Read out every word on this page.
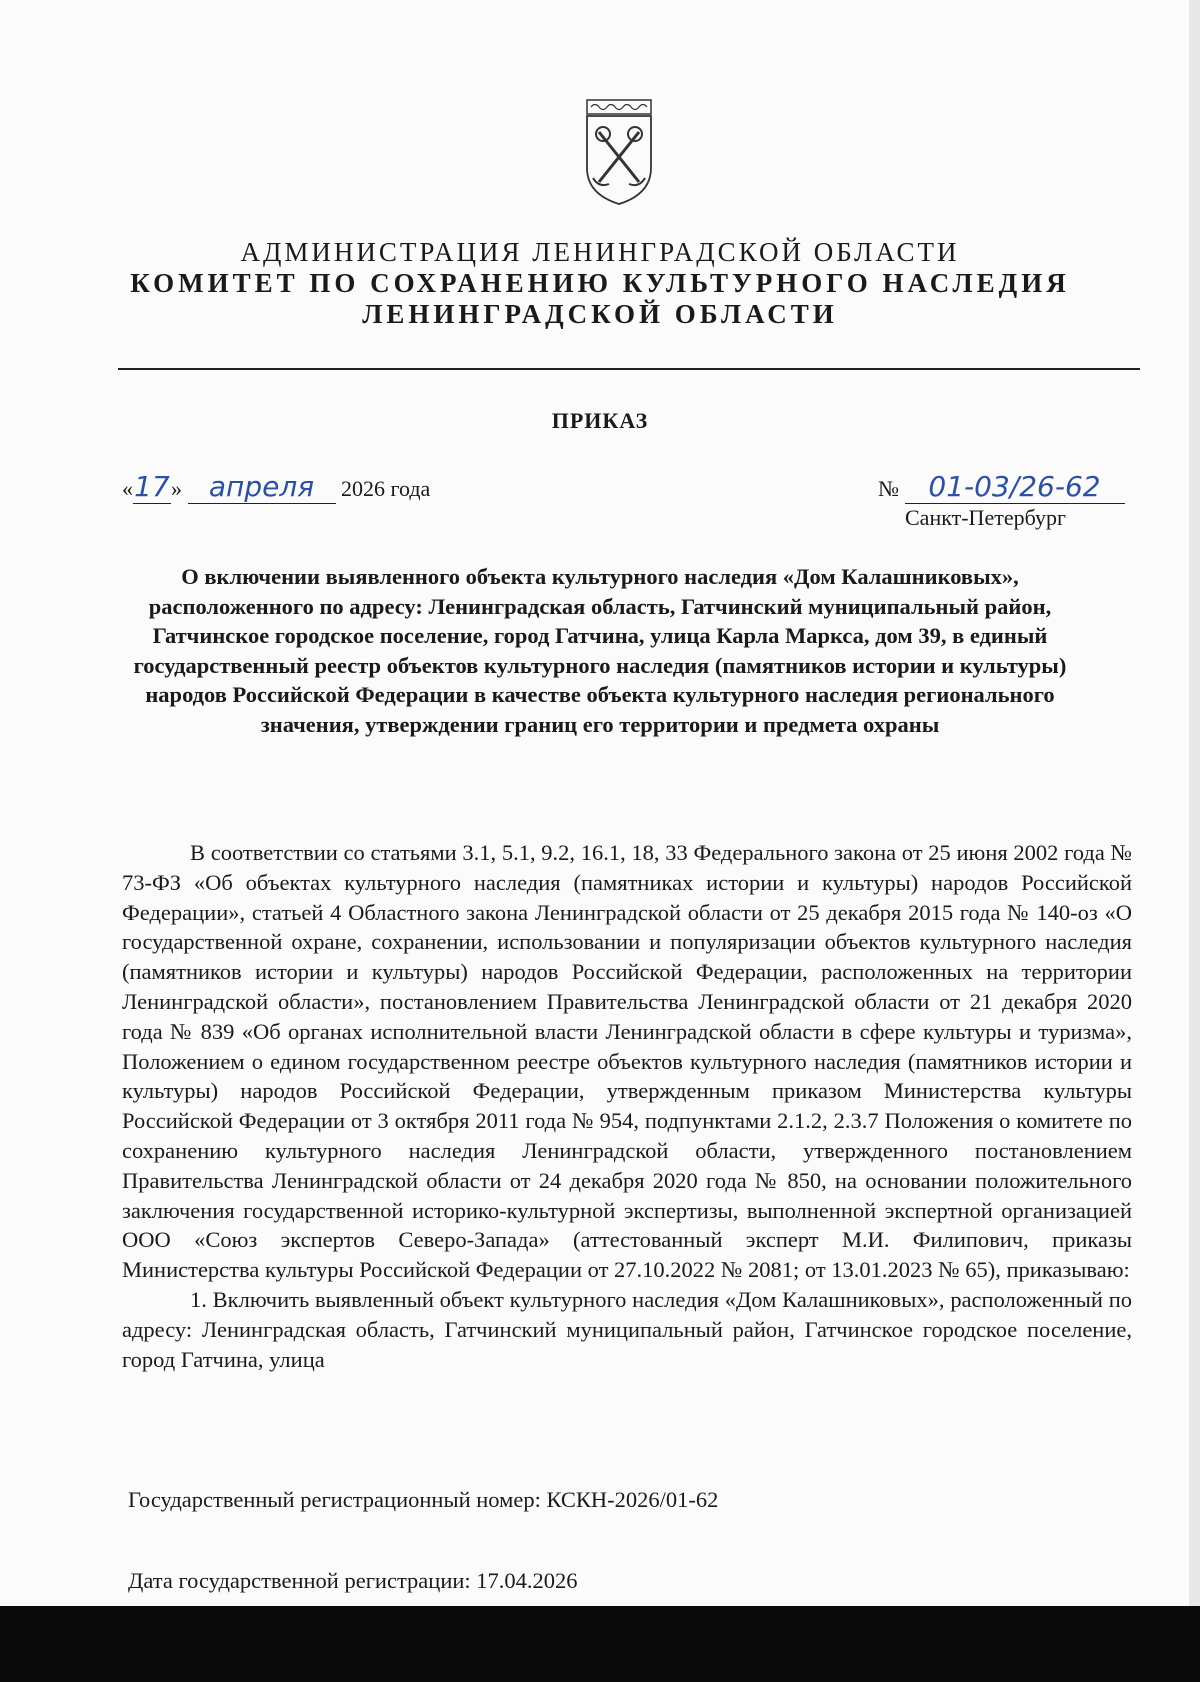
АДМИНИСТРАЦИЯ ЛЕНИНГРАДСКОЙ ОБЛАСТИ
КОМИТЕТ ПО СОХРАНЕНИЮ КУЛЬТУРНОГО НАСЛЕДИЯ
ЛЕНИНГРАДСКОЙ ОБЛАСТИ
ПРИКАЗ
«17» апреля 2026 года	№ 01-03/26-62
Санкт-Петербург
О включении выявленного объекта культурного наследия «Дом Калашниковых», расположенного по адресу: Ленинградская область, Гатчинский муниципальный район, Гатчинское городское поселение, город Гатчина, улица Карла Маркса, дом 39, в единый государственный реестр объектов культурного наследия (памятников истории и культуры) народов Российской Федерации в качестве объекта культурного наследия регионального значения, утверждении границ его территории и предмета охраны

В соответствии со статьями 3.1, 5.1, 9.2, 16.1, 18, 33 Федерального закона от 25 июня 2002 года № 73-ФЗ «Об объектах культурного наследия (памятниках истории и культуры) народов Российской Федерации», статьей 4 Областного закона Ленинградской области от 25 декабря 2015 года № 140-оз «О государственной охране, сохранении, использовании и популяризации объектов культурного наследия (памятников истории и культуры) народов Российской Федерации, расположенных на территории Ленинградской области», постановлением Правительства Ленинградской области от 21 декабря 2020 года № 839 «Об органах исполнительной власти Ленинградской области в сфере культуры и туризма», Положением о едином государственном реестре объектов культурного наследия (памятников истории и культуры) народов Российской Федерации, утвержденным приказом Министерства культуры Российской Федерации от 3 октября 2011 года № 954, подпунктами 2.1.2, 2.3.7 Положения о комитете по сохранению культурного наследия Ленинградской области, утвержденного постановлением Правительства Ленинградской области от 24 декабря 2020 года № 850, на основании положительного заключения государственной историко-культурной экспертизы, выполненной экспертной организацией ООО «Союз экспертов Северо-Запада» (аттестованный эксперт М.И. Филипович, приказы Министерства культуры Российской Федерации от 27.10.2022 № 2081; от 13.01.2023 № 65), приказываю:

1. Включить выявленный объект культурного наследия «Дом Калашниковых», расположенный по адресу: Ленинградская область, Гатчинский муниципальный район, Гатчинское городское поселение, город Гатчина, улица

Государственный регистрационный номер: КСКН-2026/01-62
Дата государственной регистрации: 17.04.2026
